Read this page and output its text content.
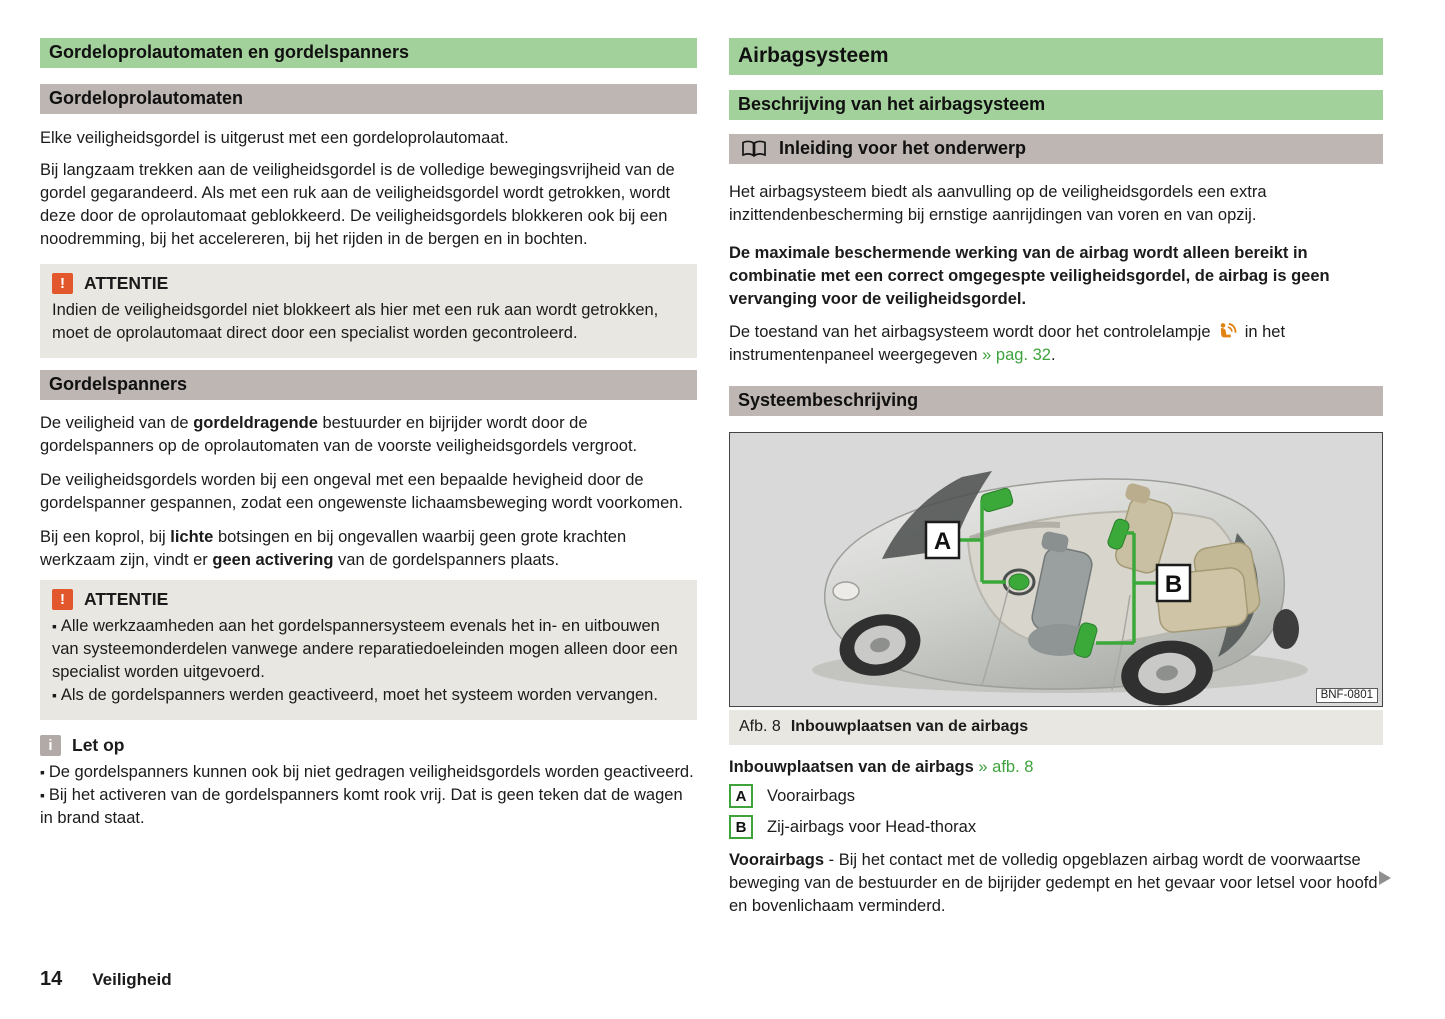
Gordeloprolautomaten en gordelspanners
Gordeloprolautomaten

Elke veiligheidsgordel is uitgerust met een gordeloprolautomaat.

Bij langzaam trekken aan de veiligheidsgordel is de volledige bewegingsvrijheid van de gordel gegarandeerd. Als met een ruk aan de veiligheidsgordel wordt getrokken, wordt deze door de oprolautomaat geblokkeerd. De veiligheidsgordels blokkeren ook bij een noodremming, bij het accelereren, bij het rijden in de bergen en in bochten.

!	ATTENTIE

Indien de veiligheidsgordel niet blokkeert als hier met een ruk aan wordt getrokken, moet de oprolautomaat direct door een specialist worden gecontroleerd.

Gordelspanners

De veiligheid van de gordeldragende bestuurder en bijrijder wordt door de gordelspanners op de oprolautomaten van de voorste veiligheidsgordels vergroot.

De veiligheidsgordels worden bij een ongeval met een bepaalde hevigheid door de gordelspanner gespannen, zodat een ongewenste lichaamsbeweging wordt voorkomen.

Bij een koprol, bij lichte botsingen en bij ongevallen waarbij geen grote krachten werkzaam zijn, vindt er geen activering van de gordelspanners plaats.

!	ATTENTIE
▪ Alle werkzaamheden aan het gordelspannersysteem evenals het in- en uitbouwen van systeemonderdelen vanwege andere reparatiedoeleinden mogen alleen door een specialist worden uitgevoerd.
▪ Als de gordelspanners werden geactiveerd, moet het systeem worden vervangen.
i	Let op
▪ De gordelspanners kunnen ook bij niet gedragen veiligheidsgordels worden geactiveerd.
▪ Bij het activeren van de gordelspanners komt rook vrij. Dat is geen teken dat de wagen in brand staat.
Airbagsysteem
Beschrijving van het airbagsysteem
Inleiding voor het onderwerp

Het airbagsysteem biedt als aanvulling op de veiligheidsgordels een extra inzittendenbescherming bij ernstige aanrijdingen van voren en van opzij.

De maximale beschermende werking van de airbag wordt alleen bereikt in combinatie met een correct omgegespte veiligheidsgordel, de airbag is geen vervanging voor de veiligheidsgordel.

De toestand van het airbagsysteem wordt door het controlelampje  in het instrumentenpaneel weergegeven » pag. 32.

Systeembeschrijving
A
B
BNF-0801
Afb. 8 Inbouwplaatsen van de airbags

Inbouwplaatsen van de airbags » afb. 8

A	Voorairbags
B	Zij-airbags voor Head-thorax

Voorairbags - Bij het contact met de volledig opgeblazen airbag wordt de voorwaartse beweging van de bestuurder en de bijrijder gedempt en het gevaar voor letsel voor hoofd en bovenlichaam verminderd.

14 Veiligheid
